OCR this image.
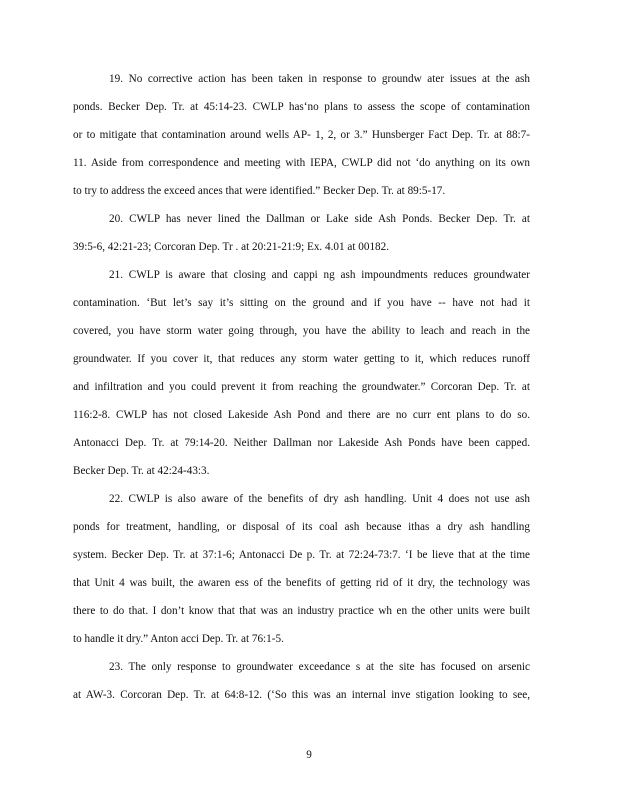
19. No corrective action has been taken in response to groundw ater issues at the ash
ponds. Becker Dep. Tr. at 45:14-23. CWLP has‘no plans to assess the scope of contamination
or to mitigate that contamination around wells AP- 1, 2, or 3.” Hunsberger Fact Dep. Tr. at 88:7-
11. Aside from correspondence and meeting with IEPA, CWLP did not ‘do anything on its own
to try to address the exceed ances that were identified.” Becker Dep. Tr. at 89:5-17.
20. CWLP has never lined the Dallman or Lake side Ash Ponds. Becker Dep. Tr. at
39:5-6, 42:21-23; Corcoran Dep. Tr . at 20:21-21:9; Ex. 4.01 at 00182.
21. CWLP is aware that closing and cappi ng ash impoundments reduces groundwater
contamination. ‘But let’s say it’s sitting on the ground and if you have -- have not had it
covered, you have storm water going through, you have the ability to leach and reach in the
groundwater. If you cover it, that reduces any storm water getting to it, which reduces runoff
and infiltration and you could prevent it from reaching the groundwater.” Corcoran Dep. Tr. at
116:2-8. CWLP has not closed Lakeside Ash Pond and there are no curr ent plans to do so.
Antonacci Dep. Tr. at 79:14-20. Neither Dallman nor Lakeside Ash Ponds have been capped.
Becker Dep. Tr. at 42:24-43:3.
22. CWLP is also aware of the benefits of dry ash handling. Unit 4 does not use ash
ponds for treatment, handling, or disposal of its coal ash because ithas a dry ash handling
system. Becker Dep. Tr. at 37:1-6; Antonacci De p. Tr. at 72:24-73:7. ‘I be lieve that at the time
that Unit 4 was built, the awaren ess of the benefits of getting rid of it dry, the technology was
there to do that. I don’t know that that was an industry practice wh en the other units were built
to handle it dry.” Anton acci Dep. Tr. at 76:1-5.
23. The only response to groundwater exceedance s at the site has focused on arsenic
at AW-3. Corcoran Dep. Tr. at 64:8-12. (‘So this was an internal inve stigation looking to see,
9
